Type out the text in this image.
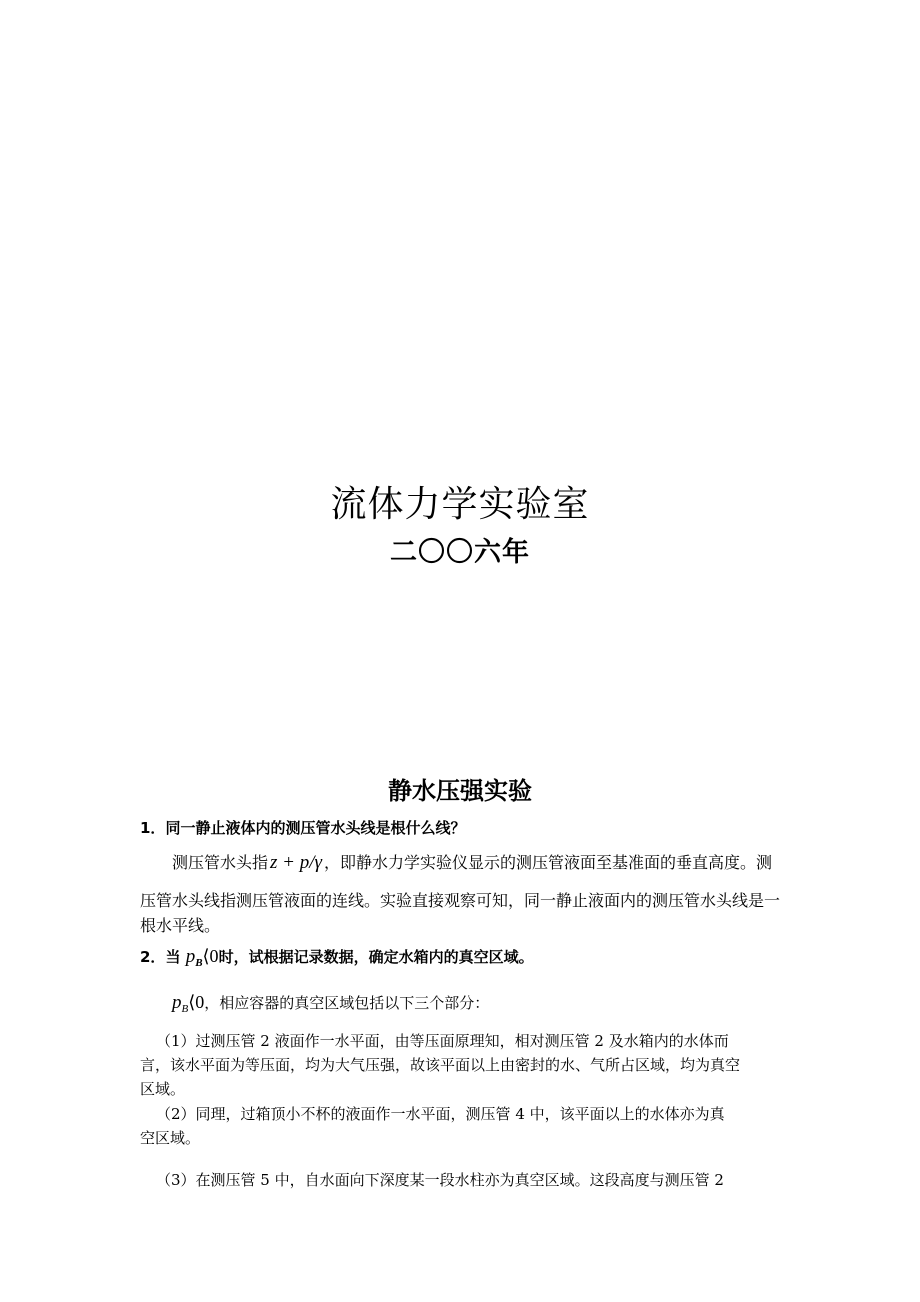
流体力学实验室
二〇〇六年
静水压强实验
1．同一静止液体内的测压管水头线是根什么线？
测压管水头指 z + p/γ ，即静水力学实验仪显示的测压管液面至基准面的垂直高度。测
压管水头线指测压管液面的连线。实验直接观察可知，同一静止液面内的测压管水头线是一
根水平线。
2．当 $p_B⟨0$时，试根据记录数据，确定水箱内的真空区域。
$p_B⟨0$，相应容器的真空区域包括以下三个部分：
（1）过测压管 2 液面作一水平面，由等压面原理知，相对测压管 2 及水箱内的水体而
言，该水平面为等压面，均为大气压强，故该平面以上由密封的水、气所占区域，均为真空
区域。
（2）同理，过箱顶小不杯的液面作一水平面，测压管 4 中，该平面以上的水体亦为真
空区域。
（3）在测压管 5 中，自水面向下深度某一段水柱亦为真空区域。这段高度与测压管 2
